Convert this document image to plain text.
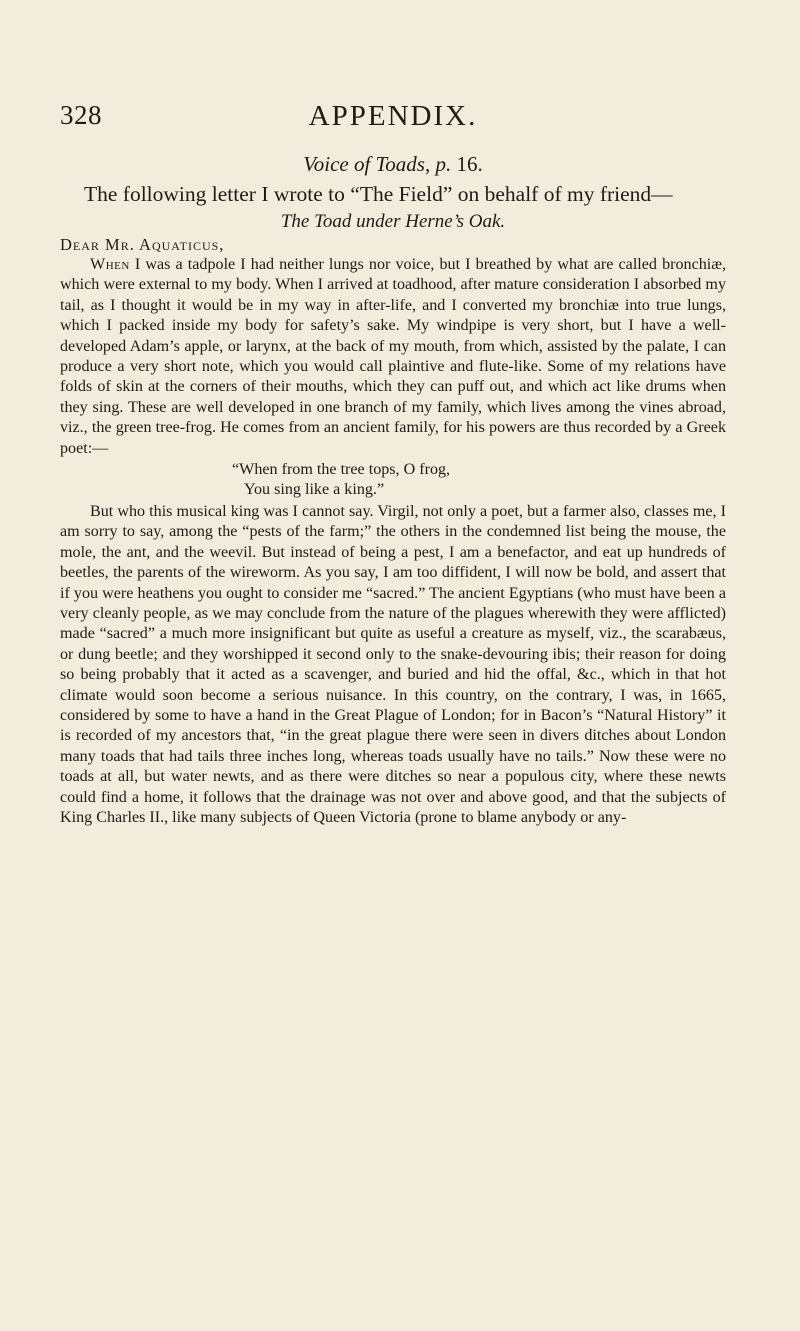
328	APPENDIX.

Voice of Toads, p. 16.

The following letter I wrote to “The Field” on behalf of my friend—

The Toad under Herne’s Oak.

Dear Mr. Aquaticus,

When I was a tadpole I had neither lungs nor voice, but I breathed by what are called bronchiæ, which were external to my body. When I arrived at toadhood, after mature consideration I absorbed my tail, as I thought it would be in my way in after-life, and I converted my bronchiæ into true lungs, which I packed inside my body for safety’s sake. My windpipe is very short, but I have a well-developed Adam’s apple, or larynx, at the back of my mouth, from which, assisted by the palate, I can produce a very short note, which you would call plaintive and flute-like. Some of my relations have folds of skin at the corners of their mouths, which they can puff out, and which act like drums when they sing. These are well developed in one branch of my family, which lives among the vines abroad, viz., the green tree-frog. He comes from an ancient family, for his powers are thus recorded by a Greek poet:—

“When from the tree tops, O frog,
You sing like a king.”

But who this musical king was I cannot say. Virgil, not only a poet, but a farmer also, classes me, I am sorry to say, among the “pests of the farm;” the others in the condemned list being the mouse, the mole, the ant, and the weevil. But instead of being a pest, I am a benefactor, and eat up hundreds of beetles, the parents of the wireworm. As you say, I am too diffident, I will now be bold, and assert that if you were heathens you ought to consider me “sacred.” The ancient Egyptians (who must have been a very cleanly people, as we may conclude from the nature of the plagues wherewith they were afflicted) made “sacred” a much more insignificant but quite as useful a creature as myself, viz., the scarabæus, or dung beetle; and they worshipped it second only to the snake-devouring ibis; their reason for doing so being probably that it acted as a scavenger, and buried and hid the offal, &c., which in that hot climate would soon become a serious nuisance. In this country, on the contrary, I was, in 1665, considered by some to have a hand in the Great Plague of London; for in Bacon’s “Natural History” it is recorded of my ancestors that, “in the great plague there were seen in divers ditches about London many toads that had tails three inches long, whereas toads usually have no tails.” Now these were no toads at all, but water newts, and as there were ditches so near a populous city, where these newts could find a home, it follows that the drainage was not over and above good, and that the subjects of King Charles II., like many subjects of Queen Victoria (prone to blame anybody or any-
